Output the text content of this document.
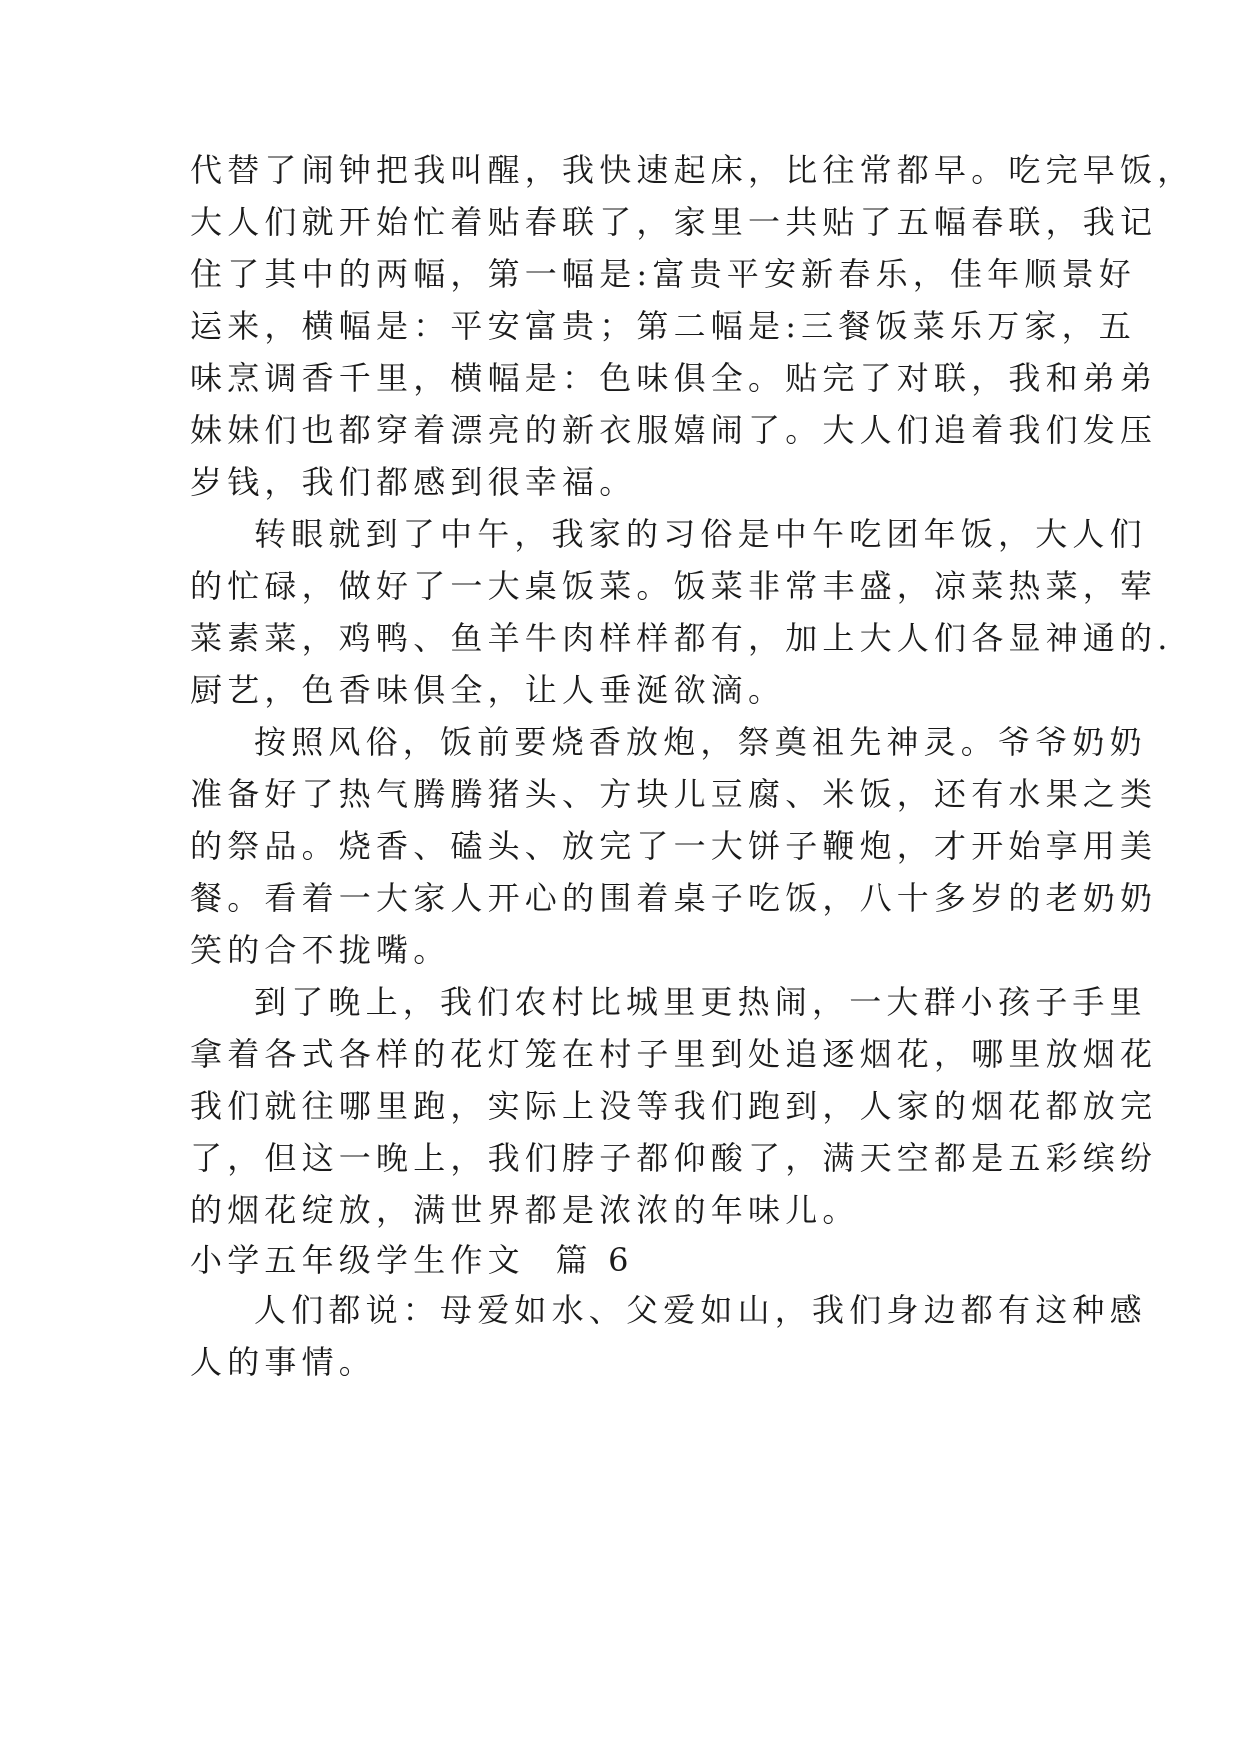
代替了闹钟把我叫醒，我快速起床，比往常都早。吃完早饭，
大人们就开始忙着贴春联了，家里一共贴了五幅春联，我记
住了其中的两幅，第一幅是:富贵平安新春乐，佳年顺景好
运来，横幅是：平安富贵；第二幅是:三餐饭菜乐万家，五
味烹调香千里，横幅是：色味俱全。贴完了对联，我和弟弟
妹妹们也都穿着漂亮的新衣服嬉闹了。大人们追着我们发压
岁钱，我们都感到很幸福。
转眼就到了中午，我家的习俗是中午吃团年饭，大人们
的忙碌，做好了一大桌饭菜。饭菜非常丰盛，凉菜热菜，荤
菜素菜，鸡鸭、鱼羊牛肉样样都有，加上大人们各显神通的.
厨艺，色香味俱全，让人垂涎欲滴。
按照风俗，饭前要烧香放炮，祭奠祖先神灵。爷爷奶奶
准备好了热气腾腾猪头、方块儿豆腐、米饭，还有水果之类
的祭品。烧香、磕头、放完了一大饼子鞭炮，才开始享用美
餐。看着一大家人开心的围着桌子吃饭，八十多岁的老奶奶
笑的合不拢嘴。
到了晚上，我们农村比城里更热闹，一大群小孩子手里
拿着各式各样的花灯笼在村子里到处追逐烟花，哪里放烟花
我们就往哪里跑，实际上没等我们跑到，人家的烟花都放完
了，但这一晚上，我们脖子都仰酸了，满天空都是五彩缤纷
的烟花绽放，满世界都是浓浓的年味儿。
小学五年级学生作文  篇 6
人们都说：母爱如水、父爱如山，我们身边都有这种感
人的事情。
